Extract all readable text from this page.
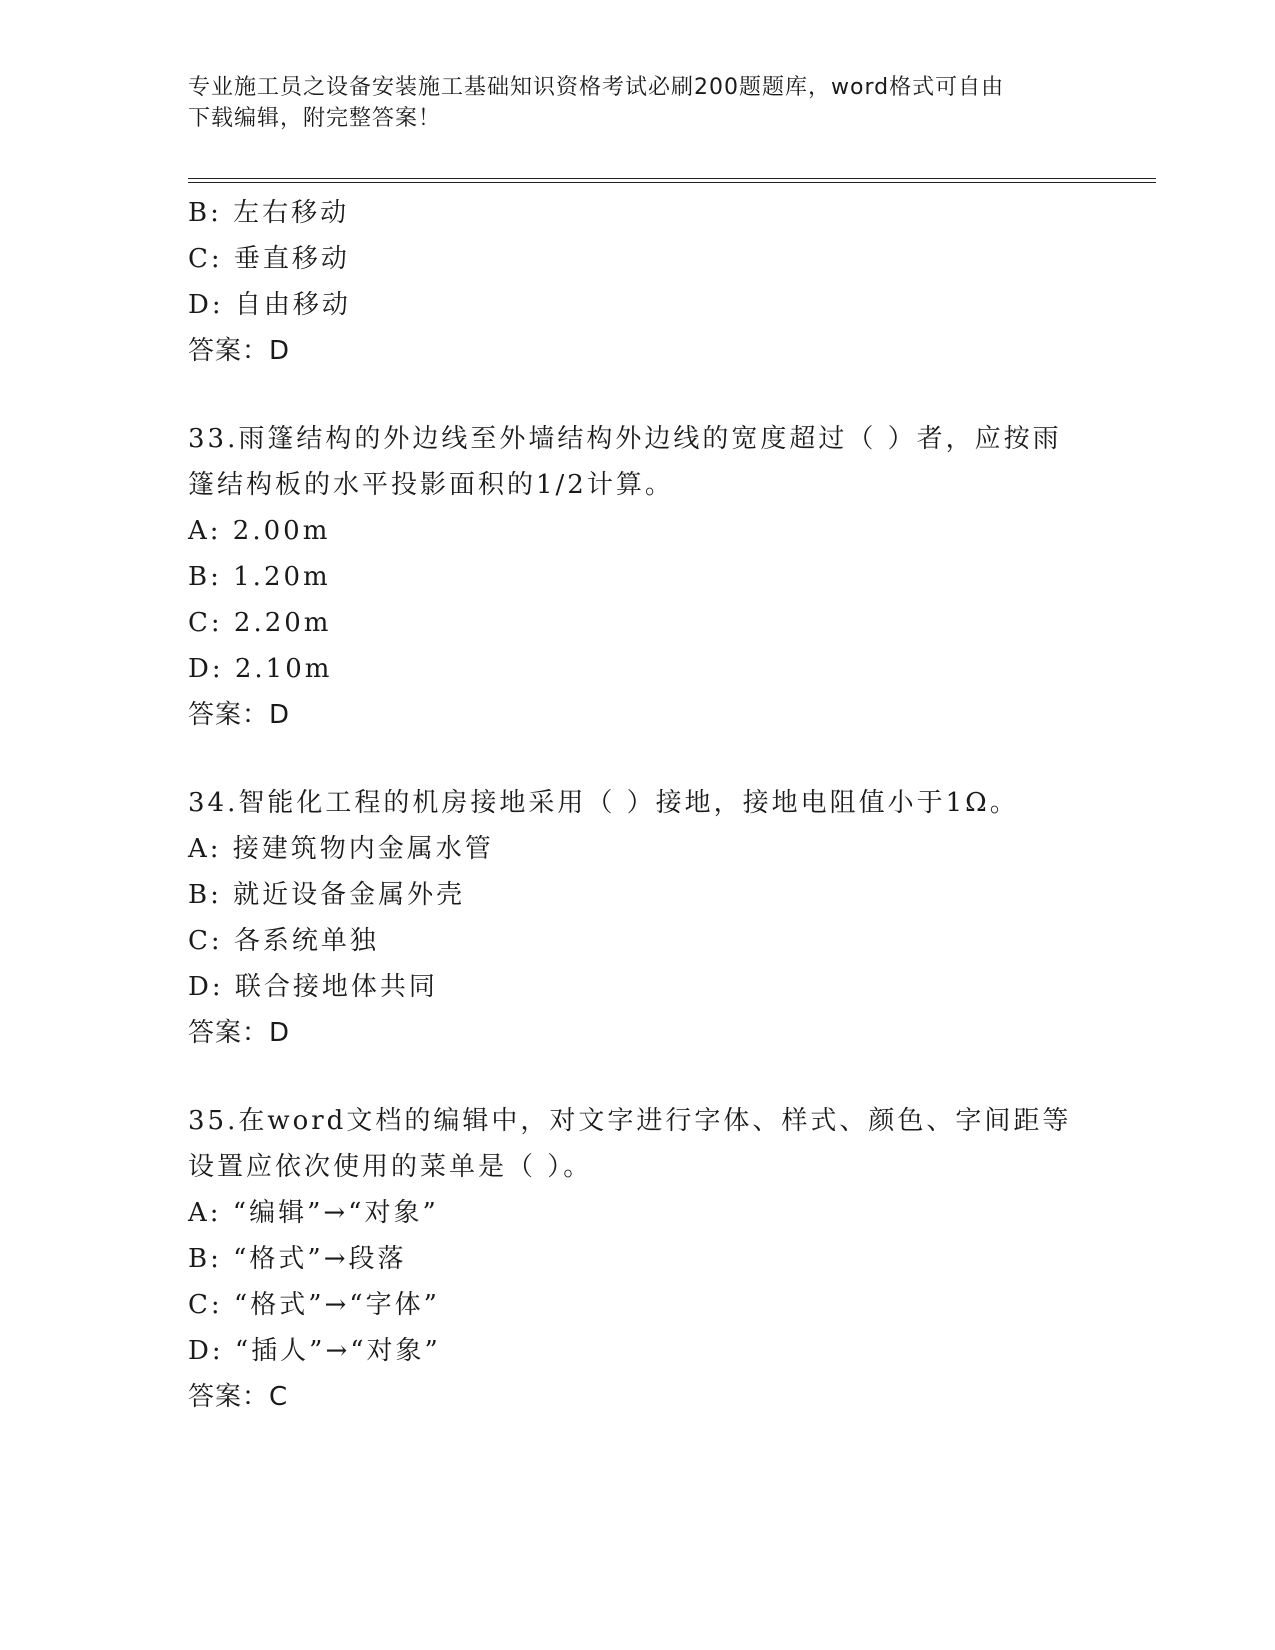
专业施工员之设备安装施工基础知识资格考试必刷200题题库，word格式可自由
下载编辑，附完整答案！
B: 左右移动
C: 垂直移动
D: 自由移动
答案：D
33.雨篷结构的外边线至外墙结构外边线的宽度超过（ ）者，应按雨
篷结构板的水平投影面积的1/2计算。
A: 2.00m
B: 1.20m
C: 2.20m
D: 2.10m
答案：D
34.智能化工程的机房接地采用（ ）接地，接地电阻值小于1Ω。
A: 接建筑物内金属水管
B: 就近设备金属外壳
C: 各系统单独
D: 联合接地体共同
答案：D
35.在word文档的编辑中，对文字进行字体、样式、颜色、字间距等
设置应依次使用的菜单是（ ）。
A: “编辑”→“对象”
B: “格式”→段落
C: “格式”→“字体”
D: “插人”→“对象”
答案：C
